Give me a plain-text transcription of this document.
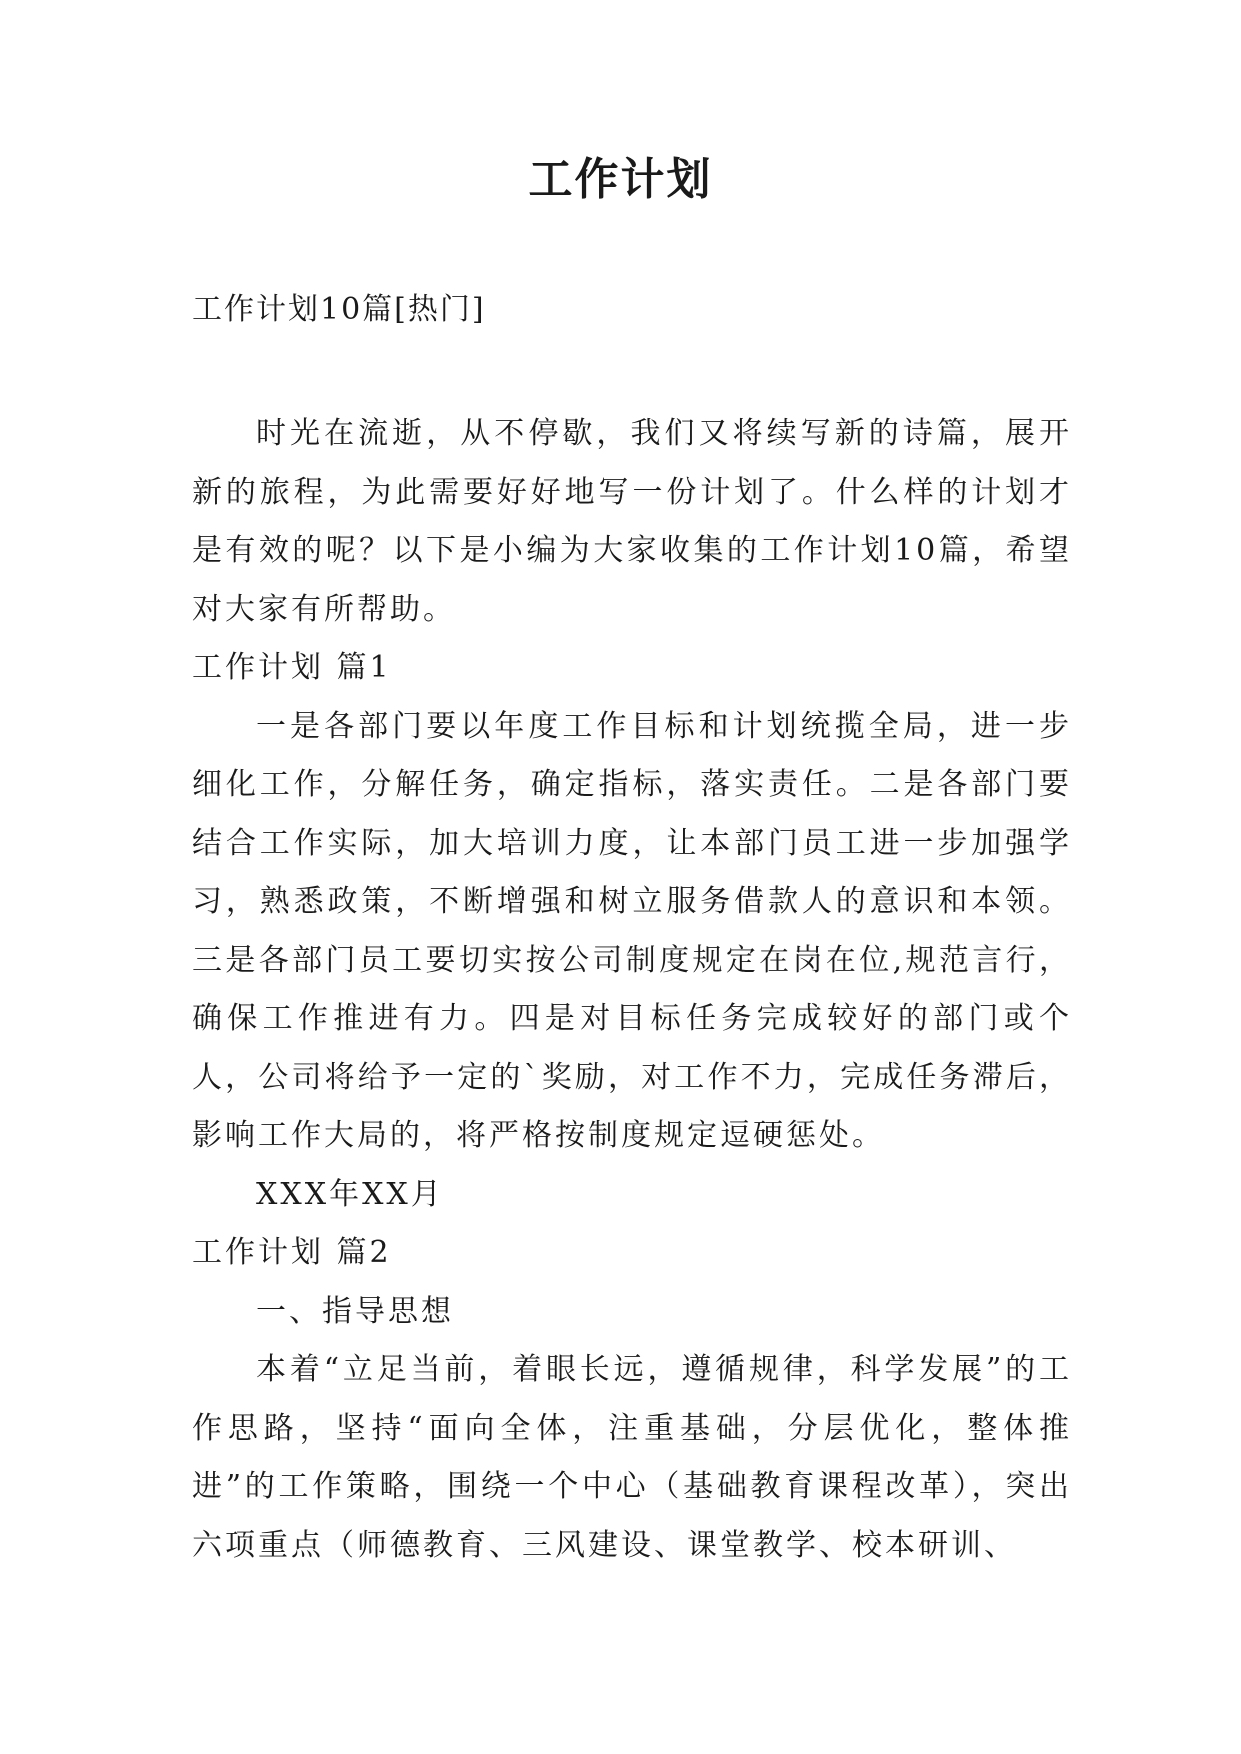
工作计划
工作计划10篇[热门]

时光在流逝，从不停歇，我们又将续写新的诗篇，展开新的旅程，为此需要好好地写一份计划了。什么样的计划才是有效的呢？以下是小编为大家收集的工作计划10篇，希望对大家有所帮助。

工作计划 篇1

一是各部门要以年度工作目标和计划统揽全局，进一步细化工作，分解任务，确定指标，落实责任。二是各部门要结合工作实际，加大培训力度，让本部门员工进一步加强学习，熟悉政策，不断增强和树立服务借款人的意识和本领。三是各部门员工要切实按公司制度规定在岗在位,规范言行，确保工作推进有力。四是对目标任务完成较好的部门或个人，公司将给予一定的`奖励，对工作不力，完成任务滞后，影响工作大局的，将严格按制度规定逗硬惩处。

XXX年XX月

工作计划 篇2

一、指导思想

本着“立足当前，着眼长远，遵循规律，科学发展”的工作思路，坚持“面向全体，注重基础，分层优化，整体推进”的工作策略，围绕一个中心（基础教育课程改革），突出六项重点（师德教育、三风建设、课堂教学、校本研训、
